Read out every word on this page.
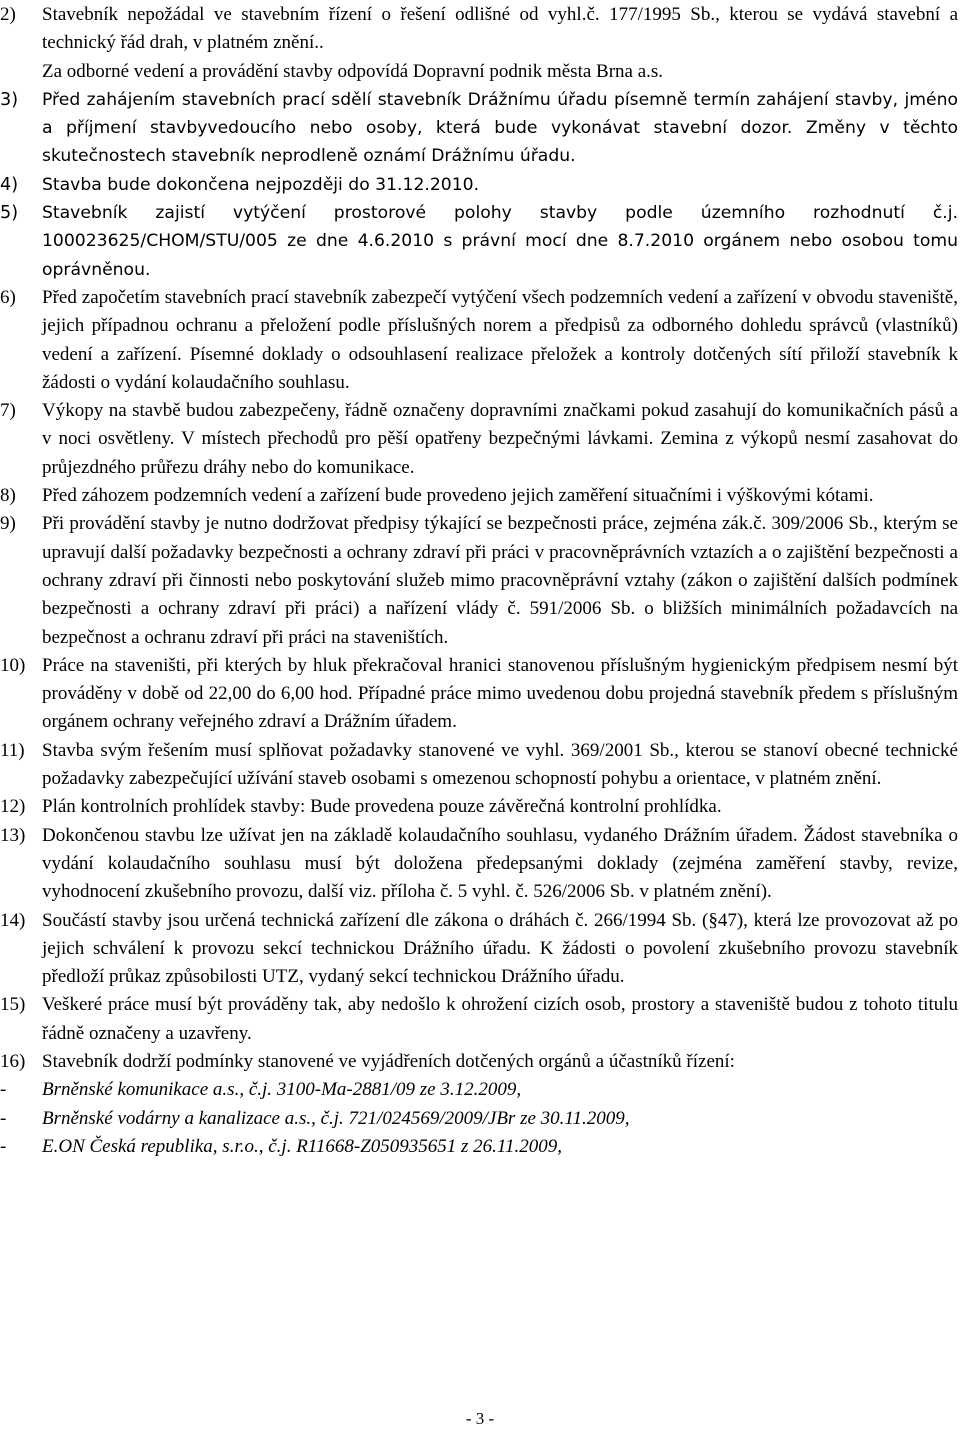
2) Stavebník nepožádal ve stavebním řízení o řešení odlišné od vyhl.č. 177/1995 Sb., kterou se vydává stavební a technický řád drah, v platném znění..

Za odborné vedení a provádění stavby odpovídá Dopravní podnik města Brna a.s.

3) Před zahájením stavebních prací sdělí stavebník Drážnímu úřadu písemně termín zahájení stavby, jméno a příjmení stavbyvedoucího nebo osoby, která bude vykonávat stavební dozor. Změny v těchto skutečnostech stavebník neprodleně oznámí Drážnímu úřadu.

4) Stavba bude dokončena nejpozději do 31.12.2010.

5) Stavebník zajistí vytýčení prostorové polohy stavby podle územního rozhodnutí č.j. 100023625/CHOM/STU/005 ze dne 4.6.2010 s právní mocí dne 8.7.2010 orgánem nebo osobou tomu oprávněnou.

6) Před započetím stavebních prací stavebník zabezpečí vytýčení všech podzemních vedení a zařízení v obvodu staveniště, jejich případnou ochranu a přeložení podle příslušných norem a předpisů za odborného dohledu správců (vlastníků) vedení a zařízení. Písemné doklady o odsouhlasení realizace přeložek a kontroly dotčených sítí přiloží stavebník k žádosti o vydání kolaudačního souhlasu.

7) Výkopy na stavbě budou zabezpečeny, řádně označeny dopravními značkami pokud zasahují do komunikačních pásů a v noci osvětleny. V místech přechodů pro pěší opatřeny bezpečnými lávkami. Zemina z výkopů nesmí zasahovat do průjezdného průřezu dráhy nebo do komunikace.

8) Před záhozem podzemních vedení a zařízení bude provedeno jejich zaměření situačními i výškovými kótami.

9) Při provádění stavby je nutno dodržovat předpisy týkající se bezpečnosti práce, zejména zák.č. 309/2006 Sb., kterým se upravují další požadavky bezpečnosti a ochrany zdraví při práci v pracovněprávních vztazích a o zajištění bezpečnosti a ochrany zdraví při činnosti nebo poskytování služeb mimo pracovněprávní vztahy (zákon o zajištění dalších podmínek bezpečnosti a ochrany zdraví při práci) a nařízení vlády č. 591/2006 Sb. o bližších minimálních požadavcích na bezpečnost a ochranu zdraví při práci na staveništích.

10) Práce na staveništi, při kterých by hluk překračoval hranici stanovenou příslušným hygienickým předpisem nesmí být prováděny v době od 22,00 do 6,00 hod. Případné práce mimo uvedenou dobu projedná stavebník předem s příslušným orgánem ochrany veřejného zdraví a Drážním úřadem.

11) Stavba svým řešením musí splňovat požadavky stanovené ve vyhl. 369/2001 Sb., kterou se stanoví obecné technické požadavky zabezpečující užívání staveb osobami s omezenou schopností pohybu a orientace, v platném znění.

12) Plán kontrolních prohlídek stavby: Bude provedena pouze závěrečná kontrolní prohlídka.

13) Dokončenou stavbu lze užívat jen na základě kolaudačního souhlasu, vydaného Drážním úřadem. Žádost stavebníka o vydání kolaudačního souhlasu musí být doložena předepsanými doklady (zejména zaměření stavby, revize, vyhodnocení zkušebního provozu, další viz. příloha č. 5 vyhl. č. 526/2006 Sb. v platném znění).

14) Součástí stavby jsou určená technická zařízení dle zákona o dráhách č. 266/1994 Sb. (§47), která lze provozovat až po jejich schválení k provozu sekcí technickou Drážního úřadu. K žádosti o povolení zkušebního provozu stavebník předloží průkaz způsobilosti UTZ, vydaný sekcí technickou Drážního úřadu.

15) Veškeré práce musí být prováděny tak, aby nedošlo k ohrožení cizích osob, prostory a staveniště budou z tohoto titulu řádně označeny a uzavřeny.

16) Stavebník dodrží podmínky stanovené ve vyjádřeních dotčených orgánů a účastníků řízení:

- Brněnské komunikace a.s., č.j. 3100-Ma-2881/09 ze 3.12.2009,
- Brněnské vodárny a kanalizace a.s., č.j. 721/024569/2009/JBr ze 30.11.2009,
- E.ON Česká republika, s.r.o., č.j. R11668-Z050935651 z 26.11.2009,
- 3 -
